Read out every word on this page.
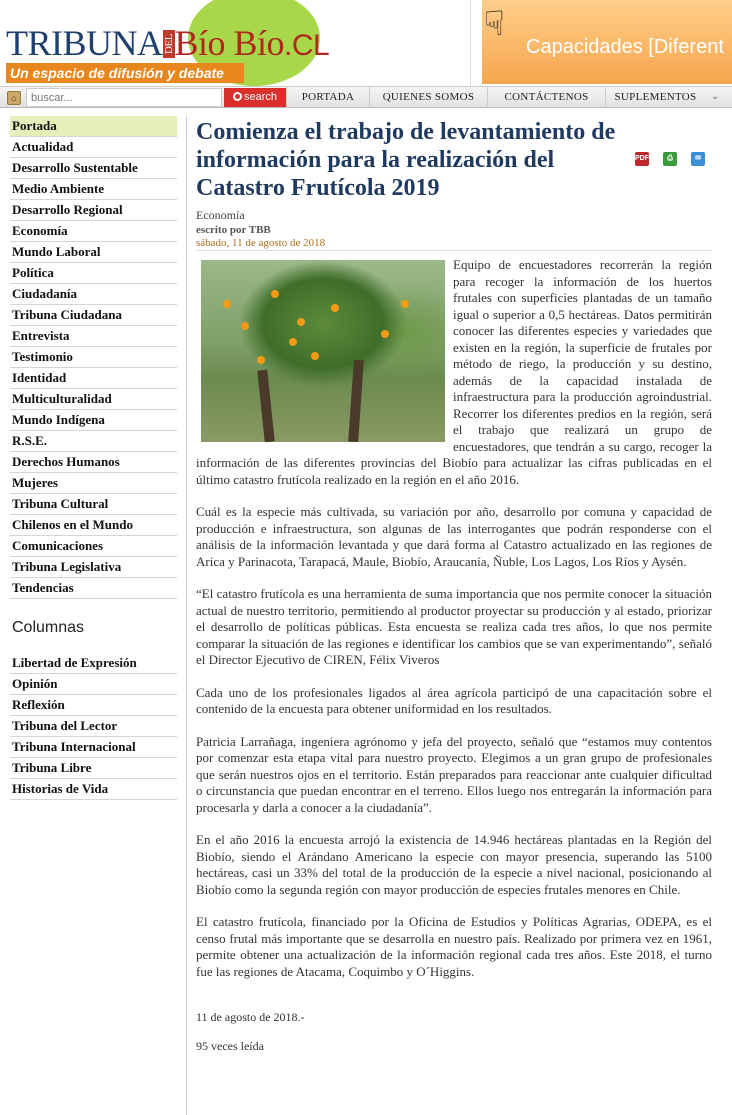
TRIBUNADELBío Bío.CL
Un espacio de difusión y debate
☟
Capacidades [Diferent
⌂
buscar...	search	PORTADA	QUIENES SOMOS	CONTÁCTENOS	SUPLEMENTOS	⌄
Portada
Actualidad
Desarrollo Sustentable
Medio Ambiente
Desarrollo Regional
Economía
Mundo Laboral
Política
Ciudadanía
Tribuna Ciudadana
Entrevista
Testimonio
Identidad
Multiculturalidad
Mundo Indígena
R.S.E.
Derechos Humanos
Mujeres
Tribuna Cultural
Chilenos en el Mundo
Comunicaciones
Tribuna Legislativa
Tendencias
Columnas
Libertad de Expresión
Opinión
Reflexión
Tribuna del Lector
Tribuna Internacional
Tribuna Libre
Historias de Vida
Comienza el trabajo de levantamiento de información para la realización del Catastro Frutícola 2019
PDF	⎙	✉
Economía
escrito por TBB
sábado, 11 de agosto de 2018

Equipo de encuestadores recorrerán la región para recoger la información de los huertos frutales con superficies plantadas de un tamaño igual o superior a 0,5 hectáreas. Datos permitirán conocer las diferentes especies y variedades que existen en la región, la superficie de frutales por método de riego, la producción y su destino, además de la capacidad instalada de infraestructura para la producción agroindustrial. Recorrer los diferentes predios en la región, será el trabajo que realizará un grupo de encuestadores, que tendrán a su cargo, recoger la información de las diferentes provincias del Biobío para actualizar las cifras publicadas en el último catastro frutícola realizado en la región en el año 2016.

Cuál es la especie más cultivada, su variación por año, desarrollo por comuna y capacidad de producción e infraestructura, son algunas de las interrogantes que podrán responderse con el análisis de la información levantada y que dará forma al Catastro actualizado en las regiones de Arica y Parinacota, Tarapacá, Maule, Biobío, Araucanía, Ñuble, Los Lagos, Los Ríos y Aysén.

“El catastro frutícola es una herramienta de suma importancia que nos permite conocer la situación actual de nuestro territorio, permitiendo al productor proyectar su producción y al estado, priorizar el desarrollo de políticas públicas. Esta encuesta se realiza cada tres años, lo que nos permite comparar la situación de las regiones e identificar los cambios que se van experimentando”, señaló el Director Ejecutivo de CIREN, Félix Viveros

Cada uno de los profesionales ligados al área agrícola participó de una capacitación sobre el contenido de la encuesta para obtener uniformidad en los resultados.

Patricia Larrañaga, ingeniera agrónomo y jefa del proyecto, señaló que “estamos muy contentos por comenzar esta etapa vital para nuestro proyecto. Elegimos a un gran grupo de profesionales que serán nuestros ojos en el territorio. Están preparados para reaccionar ante cualquier dificultad o circunstancia que puedan encontrar en el terreno. Ellos luego nos entregarán la información para procesarla y darla a conocer a la ciudadanía”.

En el año 2016 la encuesta arrojó la existencia de 14.946 hectáreas plantadas en la Región del Biobío, siendo el Arándano Americano la especie con mayor presencia, superando las 5100 hectáreas, casi un 33% del total de la producción de la especie a nivel nacional, posicionando al Biobío como la segunda región con mayor producción de especies frutales menores en Chile.

El catastro frutícola, financiado por la Oficina de Estudios y Políticas Agrarias, ODEPA, es el censo frutal más importante que se desarrolla en nuestro país. Realizado por primera vez en 1961, permite obtener una actualización de la información regional cada tres años. Este 2018, el turno fue las regiones de Atacama, Coquimbo y O´Higgins.

11 de agosto de 2018.-
95 veces leída
